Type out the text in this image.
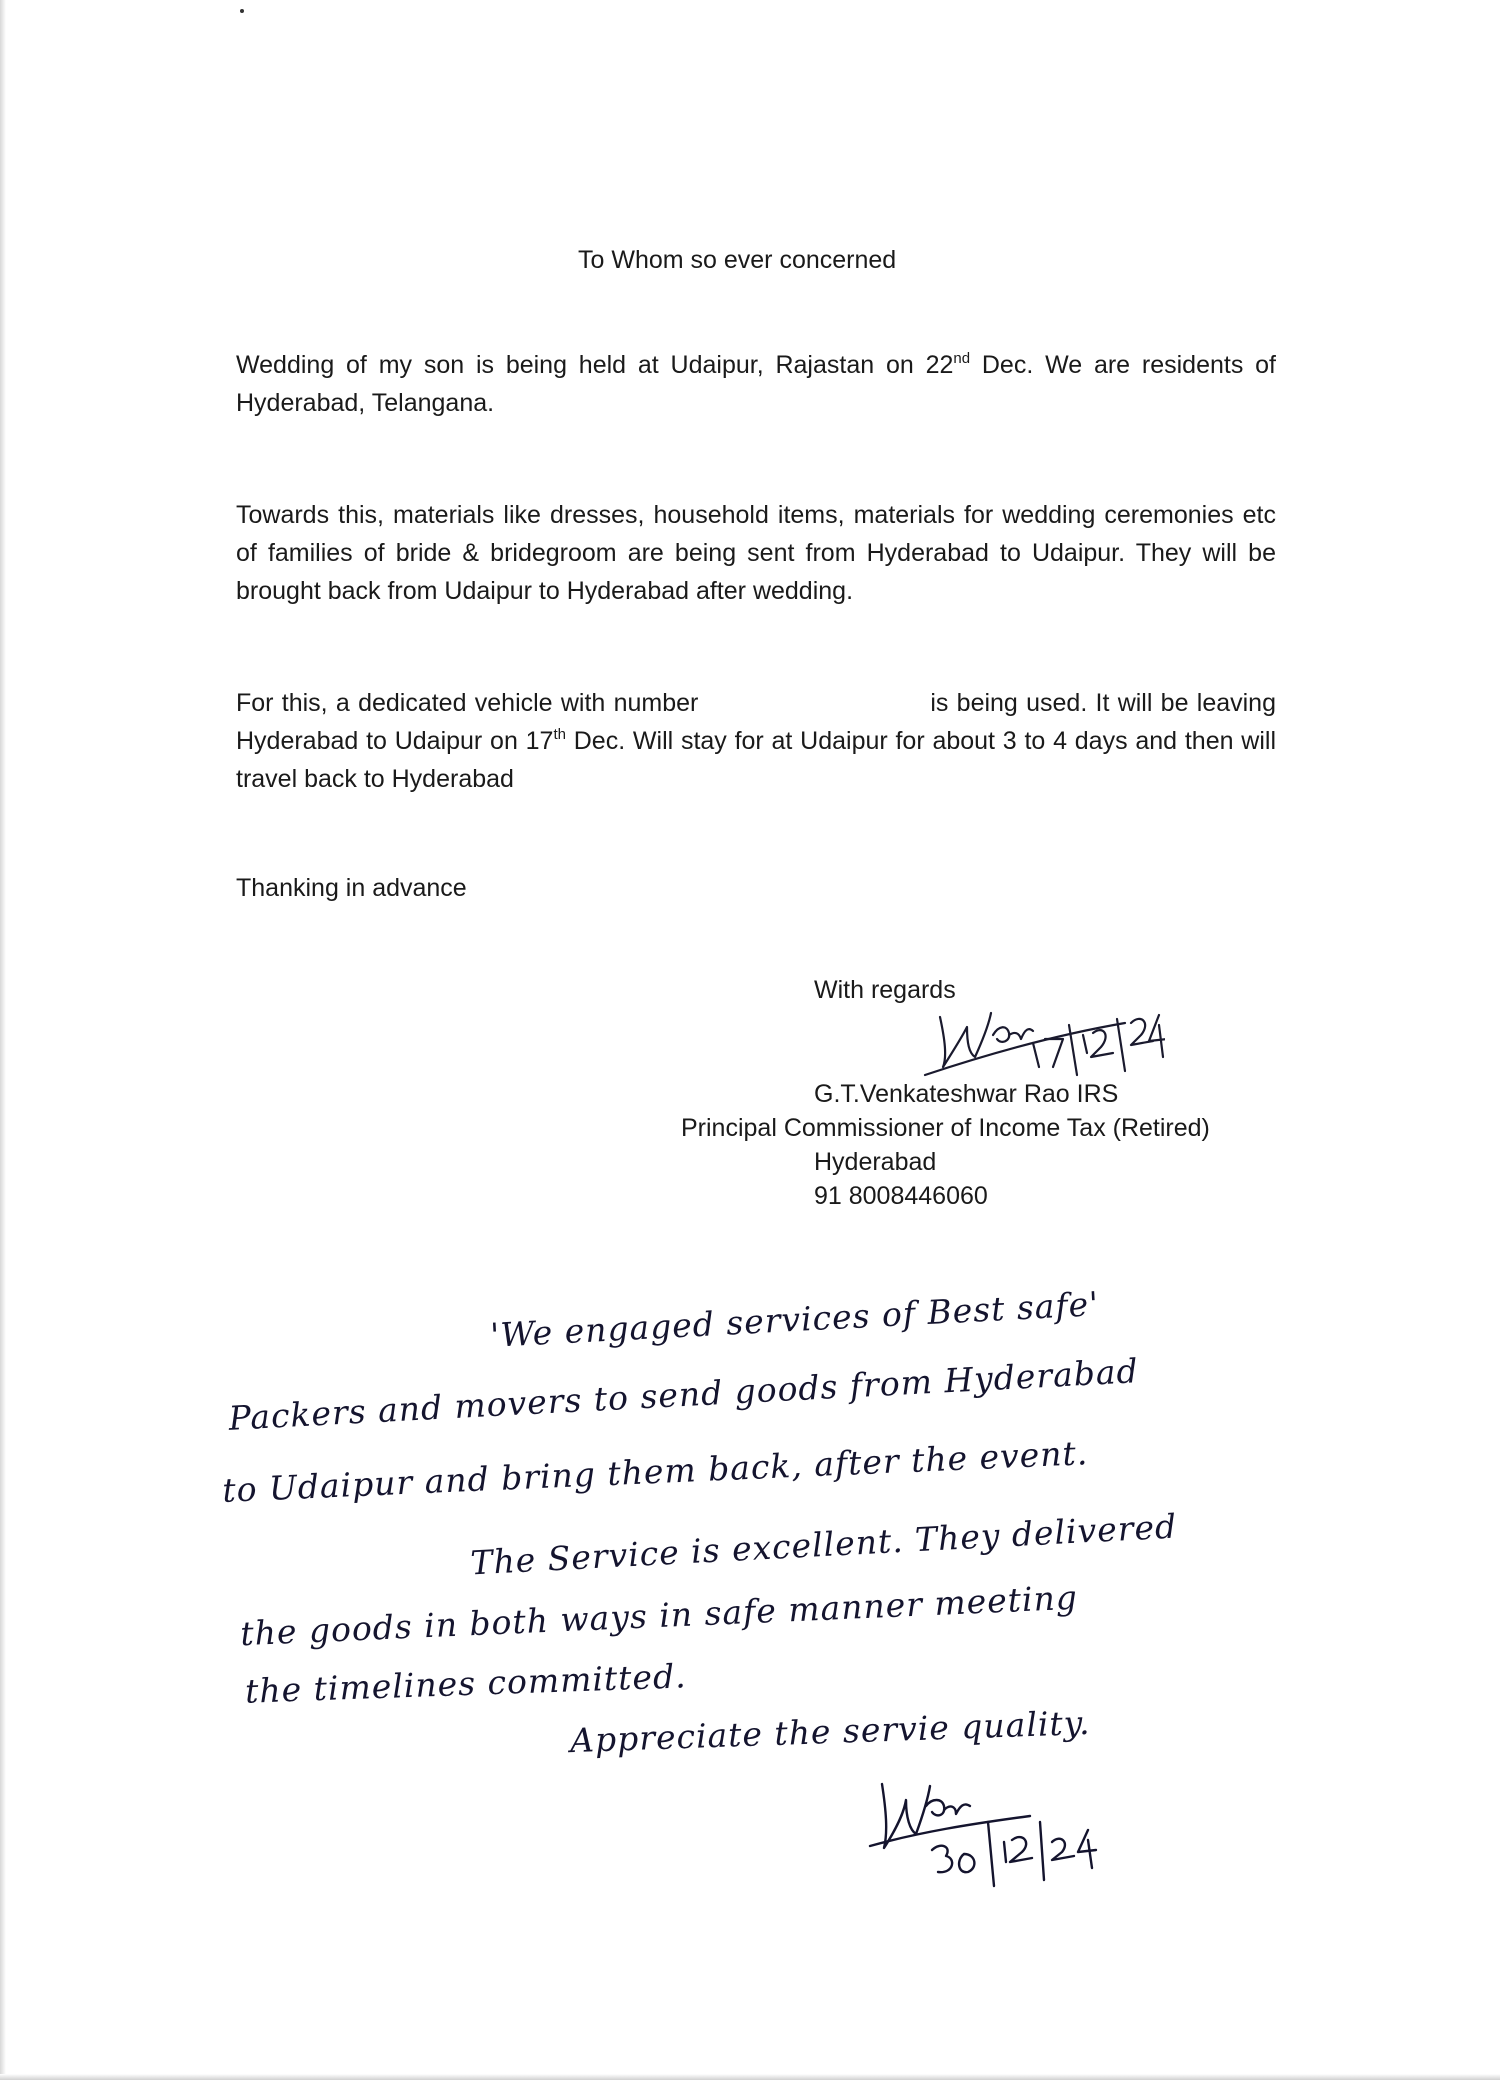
To Whom so ever concerned
Wedding of my son is being held at Udaipur, Rajastan on 22nd Dec. We are residents of Hyderabad, Telangana.
Towards this, materials like dresses, household items, materials for wedding ceremonies etc of families of bride & bridegroom are being sent from Hyderabad to Udaipur. They will be brought back from Udaipur to Hyderabad after wedding.
For this, a dedicated vehicle with number	is being used. It will be leaving Hyderabad to Udaipur on 17th Dec. Will stay for at Udaipur for about 3 to 4 days and then will travel back to Hyderabad
Thanking in advance
With regards
G.T.Venkateshwar Rao IRS
Principal Commissioner of Income Tax (Retired)
Hyderabad
91 8008446060
'We engaged services of Best safe'
Packers and movers to send goods from Hyderabad
to Udaipur and bring them back, after the event.
The Service is excellent. They delivered
the goods in both ways in safe manner meeting
the timelines committed.
Appreciate the servie quality.
